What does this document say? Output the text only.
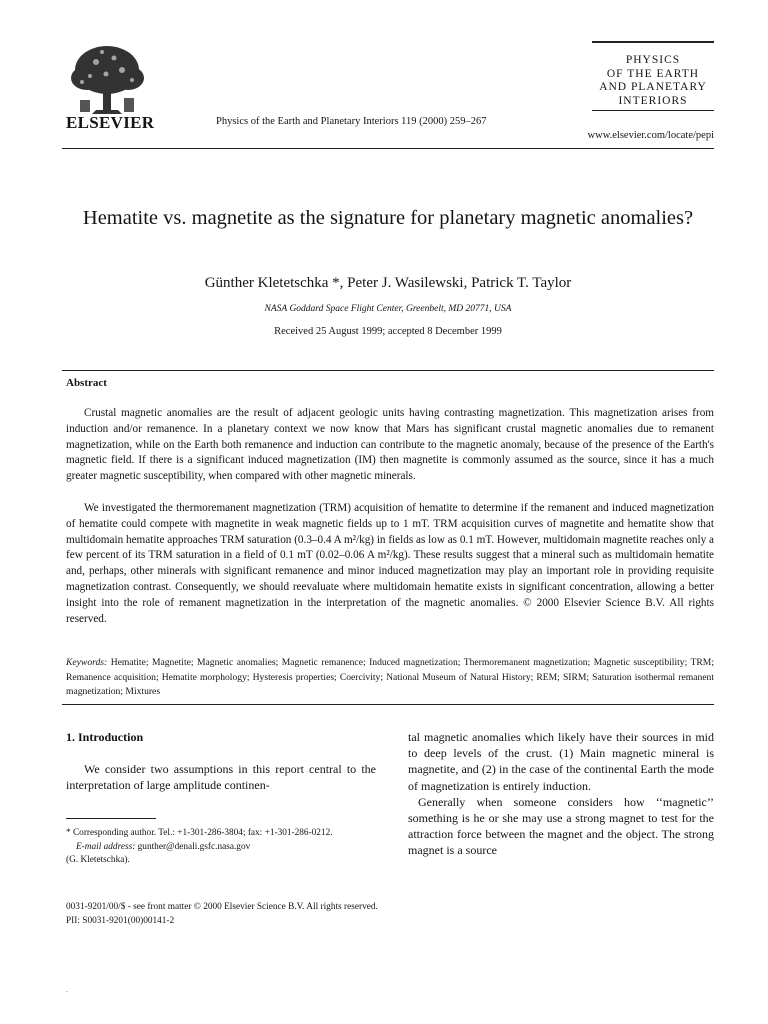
ELSEVIER	Physics of the Earth and Planetary Interiors 119 (2000) 259–267
PHYSICS
OF THE EARTH
AND PLANETARY
INTERIORS
www.elsevier.com/locate/pepi
Hematite vs. magnetite as the signature for planetary magnetic anomalies?
Günther Kletetschka *, Peter J. Wasilewski, Patrick T. Taylor
NASA Goddard Space Flight Center, Greenbelt, MD 20771, USA
Received 25 August 1999; accepted 8 December 1999
Abstract

Crustal magnetic anomalies are the result of adjacent geologic units having contrasting magnetization. This magnetization arises from induction and/or remanence. In a planetary context we now know that Mars has significant crustal magnetic anomalies due to remanent magnetization, while on the Earth both remanence and induction can contribute to the magnetic anomaly, because of the presence of the Earth's magnetic field. If there is a significant induced magnetization (IM) then magnetite is commonly assumed as the source, since it has a much greater magnetic susceptibility, when compared with other magnetic minerals.

We investigated the thermoremanent magnetization (TRM) acquisition of hematite to determine if the remanent and induced magnetization of hematite could compete with magnetite in weak magnetic fields up to 1 mT. TRM acquisition curves of magnetite and hematite show that multidomain hematite approaches TRM saturation (0.3–0.4 A m²/kg) in fields as low as 0.1 mT. However, multidomain magnetite reaches only a few percent of its TRM saturation in a field of 0.1 mT (0.02–0.06 A m²/kg). These results suggest that a mineral such as multidomain hematite and, perhaps, other minerals with significant remanence and minor induced magnetization may play an important role in providing requisite magnetization contrast. Consequently, we should reevaluate where multidomain hematite exists in significant concentration, allowing a better insight into the role of remanent magnetization in the interpretation of the magnetic anomalies. © 2000 Elsevier Science B.V. All rights reserved.

Keywords: Hematite; Magnetite; Magnetic anomalies; Magnetic remanence; Induced magnetization; Thermoremanent magnetization; Magnetic susceptibility; TRM; Remanence acquisition; Hematite morphology; Hysteresis properties; Coercivity; National Museum of Natural History; REM; SIRM; Saturation isothermal remanent magnetization; Mixtures
1. Introduction

We consider two assumptions in this report central to the interpretation of large amplitude continen-

* Corresponding author. Tel.: +1-301-286-3804; fax: +1-301-286-0212.
E-mail address: gunther@denali.gsfc.nasa.gov
(G. Kletetschka).

tal magnetic anomalies which likely have their sources in mid to deep levels of the crust. (1) Main magnetic mineral is magnetite, and (2) in the case of the continental Earth the mode of magnetization is entirely induction.

Generally when someone considers how ‘‘magnetic’’ something is he or she may use a strong magnet to test for the attraction force between the magnet and the object. The strong magnet is a source

0031-9201/00/$ - see front matter © 2000 Elsevier Science B.V. All rights reserved.
PII: S0031-9201(00)00141-2
.
